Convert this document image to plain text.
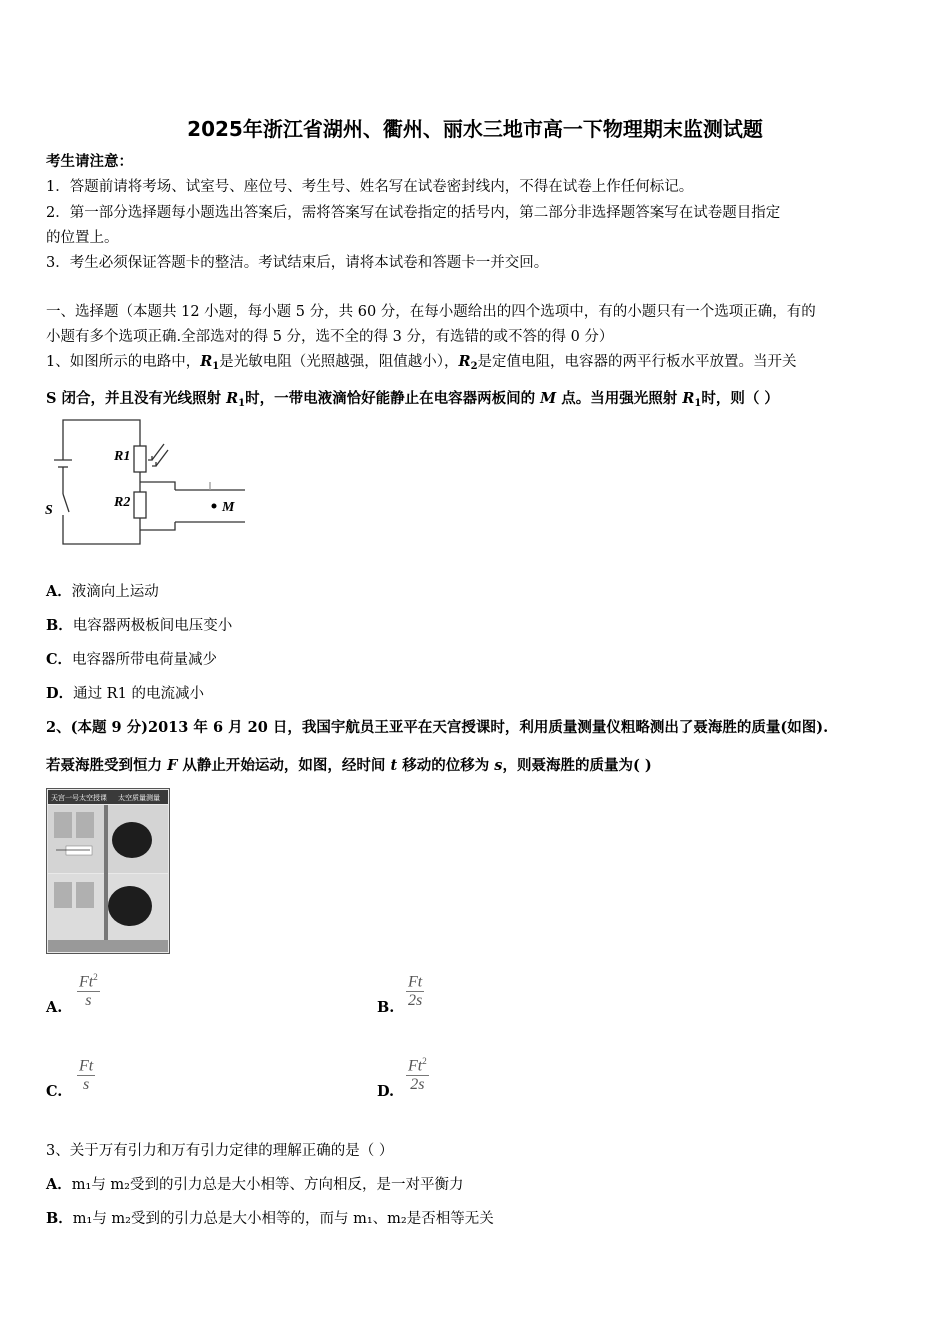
2025年浙江省湖州、衢州、丽水三地市高一下物理期末监测试题
考生请注意：
1．答题前请将考场、试室号、座位号、考生号、姓名写在试卷密封线内，不得在试卷上作任何标记。
2．第一部分选择题每小题选出答案后，需将答案写在试卷指定的括号内，第二部分非选择题答案写在试卷题目指定
的位置上。
3．考生必须保证答题卡的整洁。考试结束后，请将本试卷和答题卡一并交回。
一、选择题（本题共 12 小题，每小题 5 分，共 60 分，在每小题给出的四个选项中，有的小题只有一个选项正确，有的
小题有多个选项正确.全部选对的得 5 分，选不全的得 3 分，有选错的或不答的得 0 分）
1、如图所示的电路中，$R_1$是光敏电阻（光照越强，阻值越小），$R_2$是定值电阻，电容器的两平行板水平放置。当开关
S 闭合，并且没有光线照射 $R_1$时，一带电液滴恰好能静止在电容器两板间的 M 点。当用强光照射 $R_1$时，则（ ）
R1
R2
S	M
A．液滴向上运动
B．电容器两极板间电压变小
C．电容器所带电荷量减少
D．通过 R1 的电流减小
2、(本题 9 分)2013 年 6 月 20 日，我国宇航员王亚平在天宫授课时，利用质量测量仪粗略测出了聂海胜的质量(如图).
若聂海胜受到恒力 F 从静止开始运动，如图，经时间 t 移动的位移为 s，则聂海胜的质量为( )
天宫一号太空授课 太空质量测量
A. $\frac{Ft^2}{s}$	B. $\frac{Ft}{2s}$
C. $\frac{Ft}{s}$	D. $\frac{Ft^2}{2s}$
3、关于万有引力和万有引力定律的理解正确的是（ ）
A．m₁与 m₂受到的引力总是大小相等、方向相反，是一对平衡力
B．m₁与 m₂受到的引力总是大小相等的，而与 m₁、m₂是否相等无关
